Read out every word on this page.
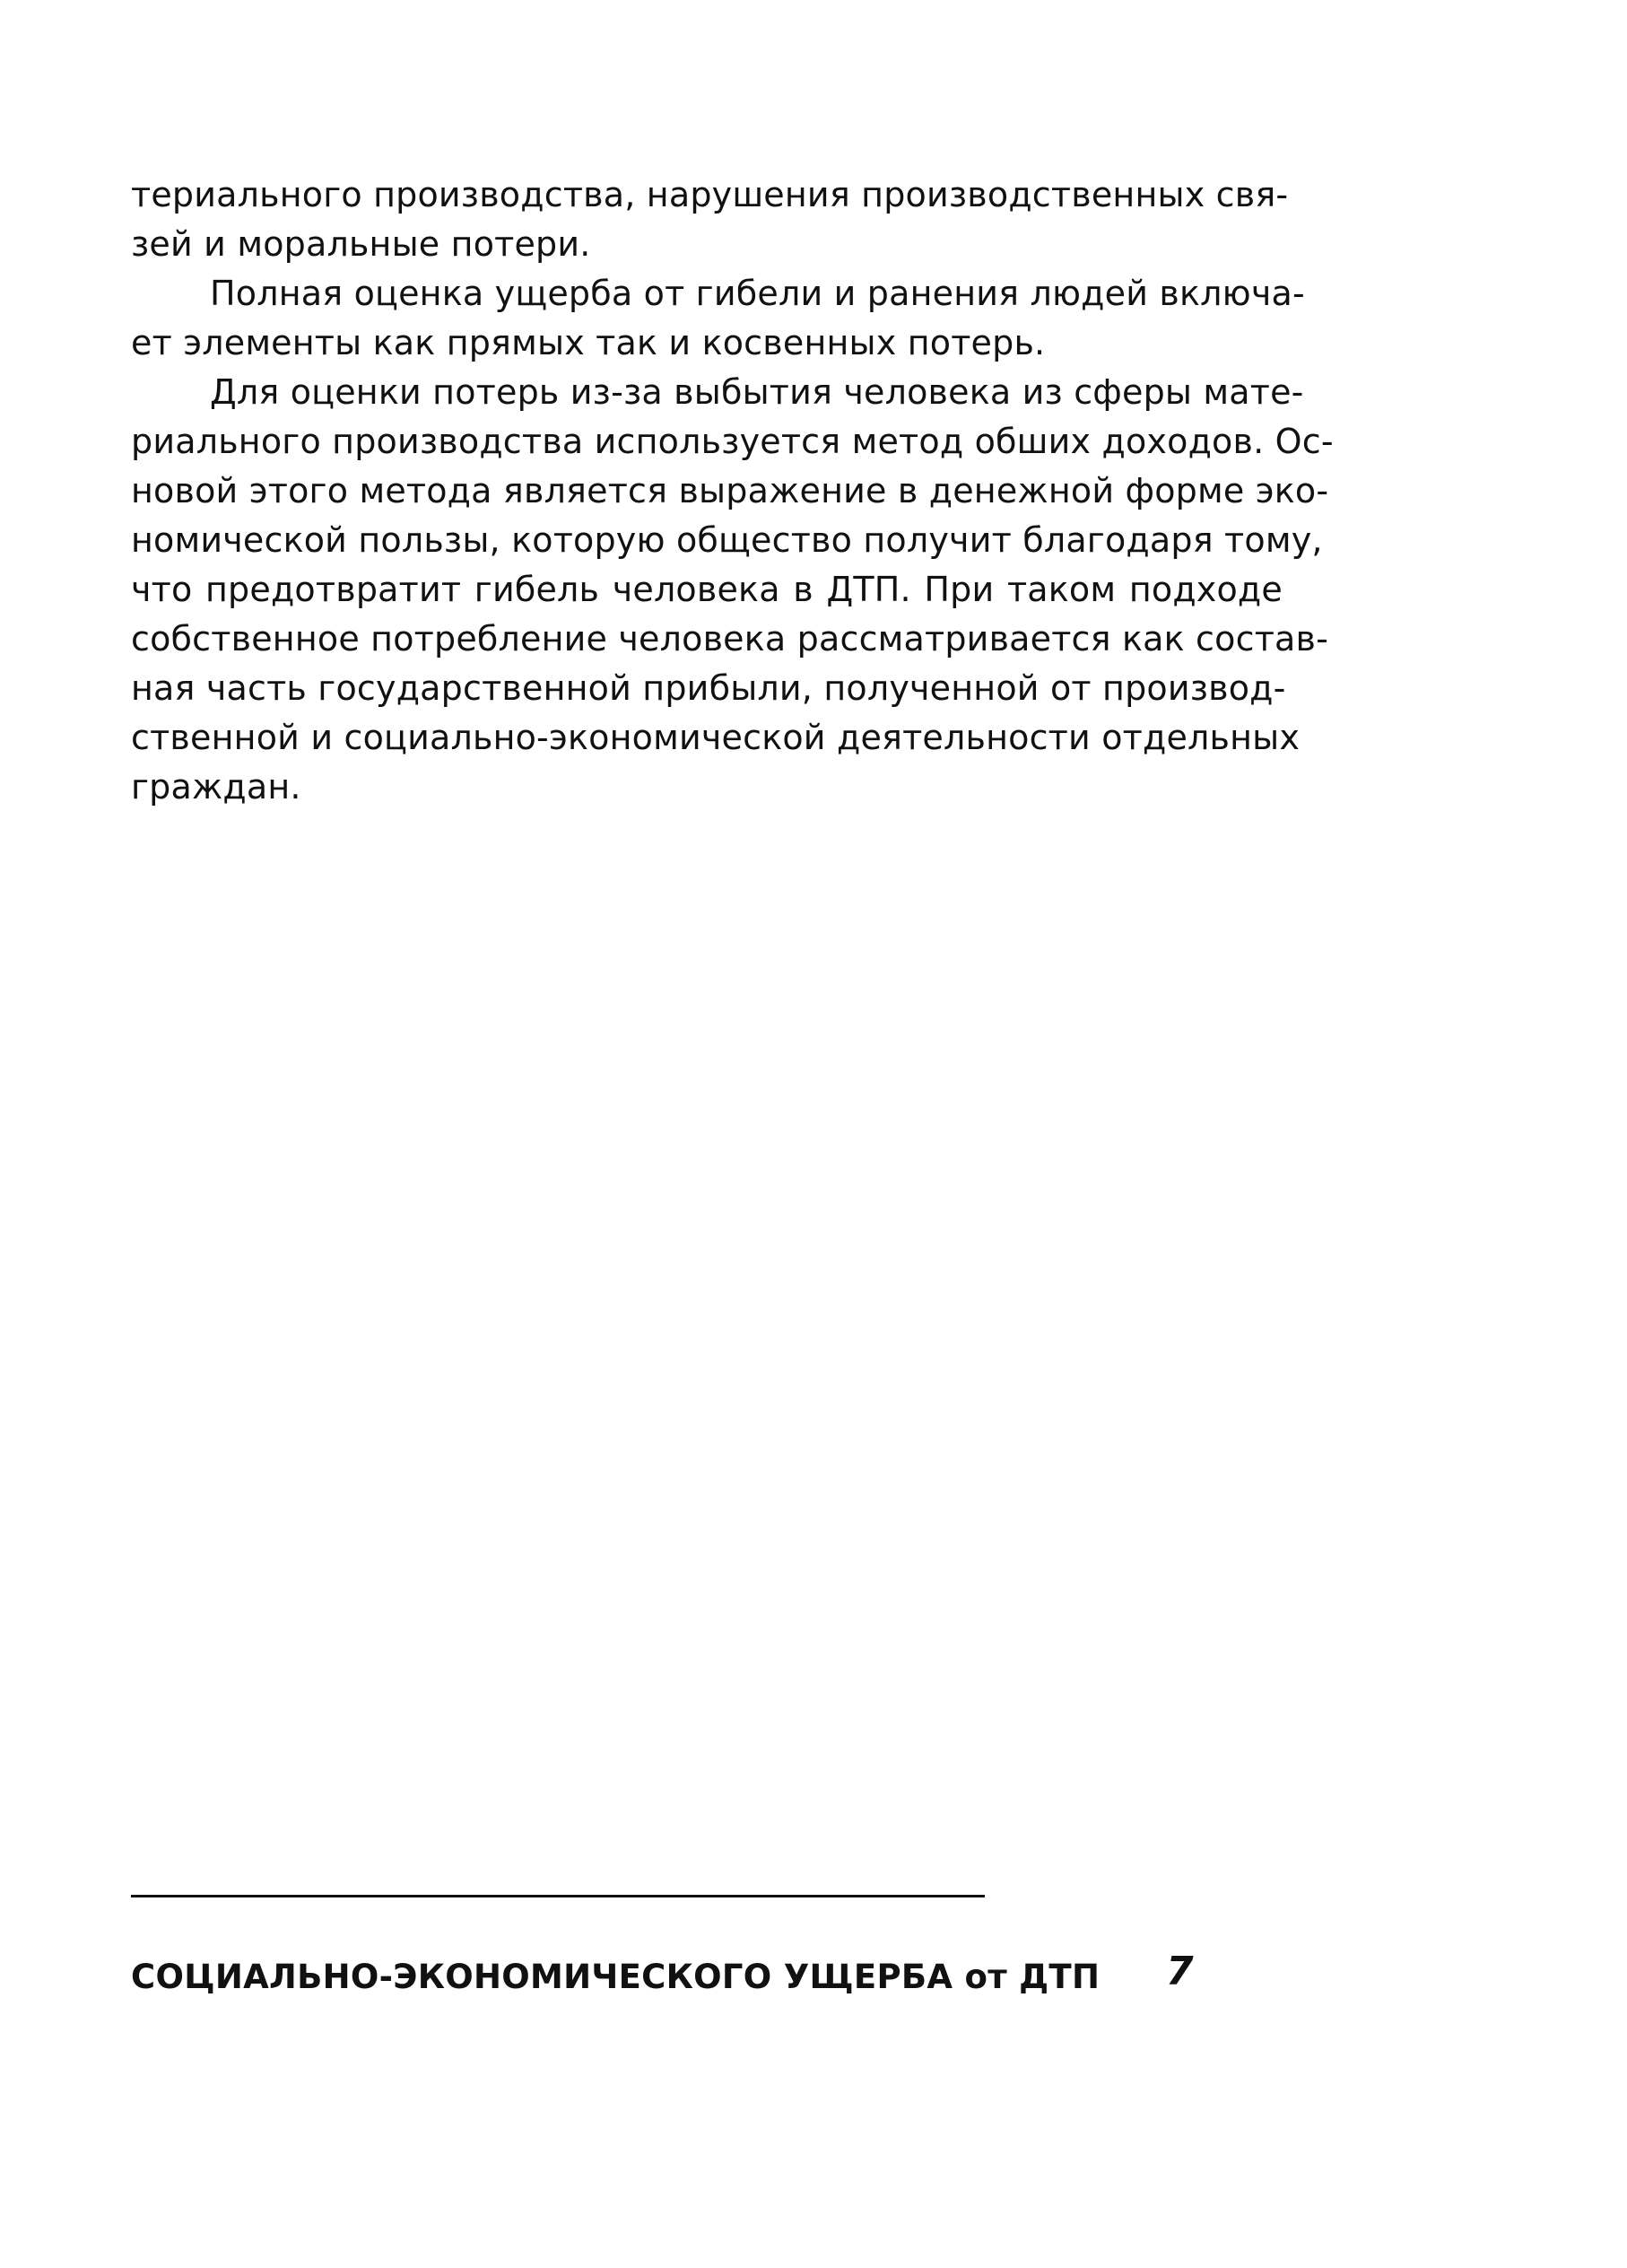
териального производства, нарушения производственных свя-
зей и моральные потери.
Полная оценка ущерба от гибели и ранения людей включа-
ет элементы как прямых так и косвенных потерь.
Для оценки потерь из-за выбытия человека из сферы мате-
риального производства используется метод обших доходов. Ос-
новой этого метода является выражение в денежной форме эко-
номической пользы, которую общество получит благодаря тому,
что предотвратит гибель человека в ДТП. При таком подходе
собственное потребление человека рассматривается как состав-
ная часть государственной прибыли, полученной от производ-
ственной и социально-экономической деятельности отдельных
граждан.
СОЦИАЛЬНО-ЭКОНОМИЧЕСКОГО УЩЕРБА от ДТП 7
